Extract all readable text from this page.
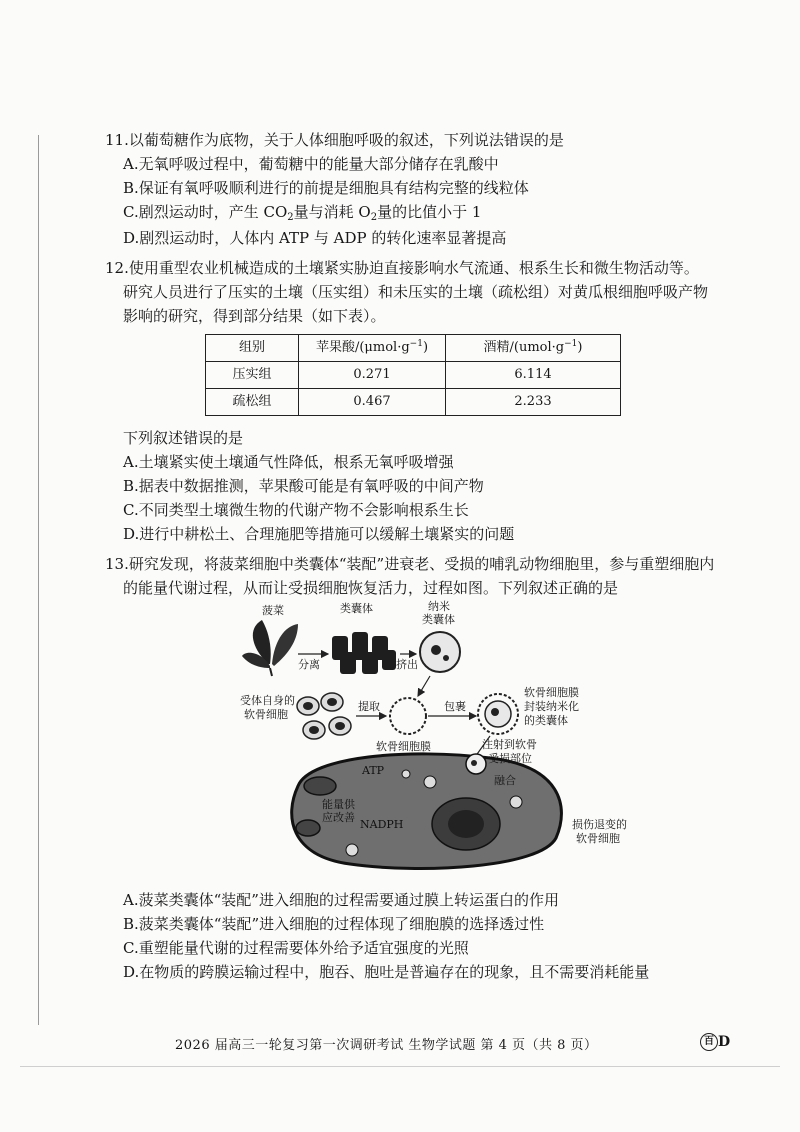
11.以葡萄糖作为底物，关于人体细胞呼吸的叙述，下列说法错误的是

A.无氧呼吸过程中，葡萄糖中的能量大部分储存在乳酸中

B.保证有氧呼吸顺利进行的前提是细胞具有结构完整的线粒体

C.剧烈运动时，产生 $CO_2$量与消耗 $O_2$量的比值小于 1

D.剧烈运动时，人体内 ATP 与 ADP 的转化速率显著提高

12.使用重型农业机械造成的土壤紧实胁迫直接影响水气流通、根系生长和微生物活动等。

研究人员进行了压实的土壤（压实组）和未压实的土壤（疏松组）对黄瓜根细胞呼吸产物

影响的研究，得到部分结果（如下表）。

组别	苹果酸$/(\mu mol\cdot g^{-1})$	酒精$/(umol\cdot g^{-1})$
压实组	0.271	6.114
疏松组	0.467	2.233

下列叙述错误的是

A.土壤紧实使土壤通气性降低，根系无氧呼吸增强

B.据表中数据推测，苹果酸可能是有氧呼吸的中间产物

C.不同类型土壤微生物的代谢产物不会影响根系生长

D.进行中耕松土、合理施肥等措施可以缓解土壤紧实的问题

13.研究发现，将菠菜细胞中类囊体“装配”进衰老、受损的哺乳动物细胞里，参与重塑细胞内

的能量代谢过程，从而让受损细胞恢复活力，过程如图。下列叙述正确的是

菠菜	类囊体	纳米
类囊体
分离	挤出
受体自身的
软骨细胞
提取	包裹
软骨细胞膜
封装纳米化
的类囊体
软骨细胞膜	注射到软骨
受损部位
融合
ATP
能量供
应改善
NADPH	损伤退变的
软骨细胞

A.菠菜类囊体“装配”进入细胞的过程需要通过膜上转运蛋白的作用

B.菠菜类囊体“装配”进入细胞的过程体现了细胞膜的选择透过性

C.重塑能量代谢的过程需要体外给予适宜强度的光照

D.在物质的跨膜运输过程中，胞吞、胞吐是普遍存在的现象，且不需要消耗能量

2026 届高三一轮复习第一次调研考试 生物学试题 第 4 页（共 8 页）	百 D
